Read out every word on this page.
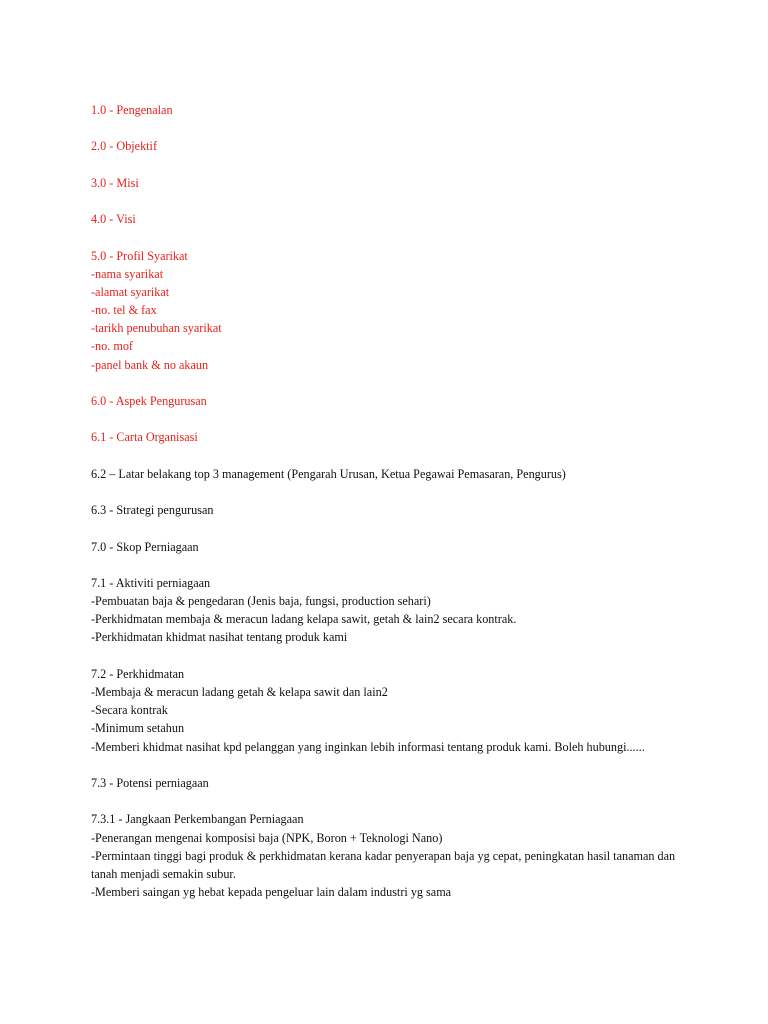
1.0 - Pengenalan
2.0 - Objektif
3.0 - Misi
4.0 - Visi
5.0 - Profil Syarikat
-nama syarikat
-alamat syarikat
-no. tel & fax
-tarikh penubuhan syarikat
-no. mof
-panel bank & no akaun
6.0 - Aspek Pengurusan
6.1 - Carta Organisasi
6.2 – Latar belakang top 3 management (Pengarah Urusan, Ketua Pegawai Pemasaran, Pengurus)
6.3 - Strategi pengurusan
7.0 - Skop Perniagaan
7.1 - Aktiviti perniagaan
-Pembuatan baja & pengedaran (Jenis baja, fungsi, production sehari)
-Perkhidmatan membaja & meracun ladang kelapa sawit, getah & lain2 secara kontrak.
-Perkhidmatan khidmat nasihat tentang produk kami
7.2 - Perkhidmatan
-Membaja & meracun ladang getah & kelapa sawit dan lain2
-Secara kontrak
-Minimum setahun
-Memberi khidmat nasihat kpd pelanggan yang inginkan lebih informasi tentang produk kami. Boleh hubungi......
7.3 - Potensi perniagaan
7.3.1 - Jangkaan Perkembangan Perniagaan
-Penerangan mengenai komposisi baja (NPK, Boron + Teknologi Nano)
-Permintaan tinggi bagi produk & perkhidmatan kerana kadar penyerapan baja yg cepat, peningkatan hasil tanaman dan tanah menjadi semakin subur.
-Memberi saingan yg hebat kepada pengeluar lain dalam industri yg sama
